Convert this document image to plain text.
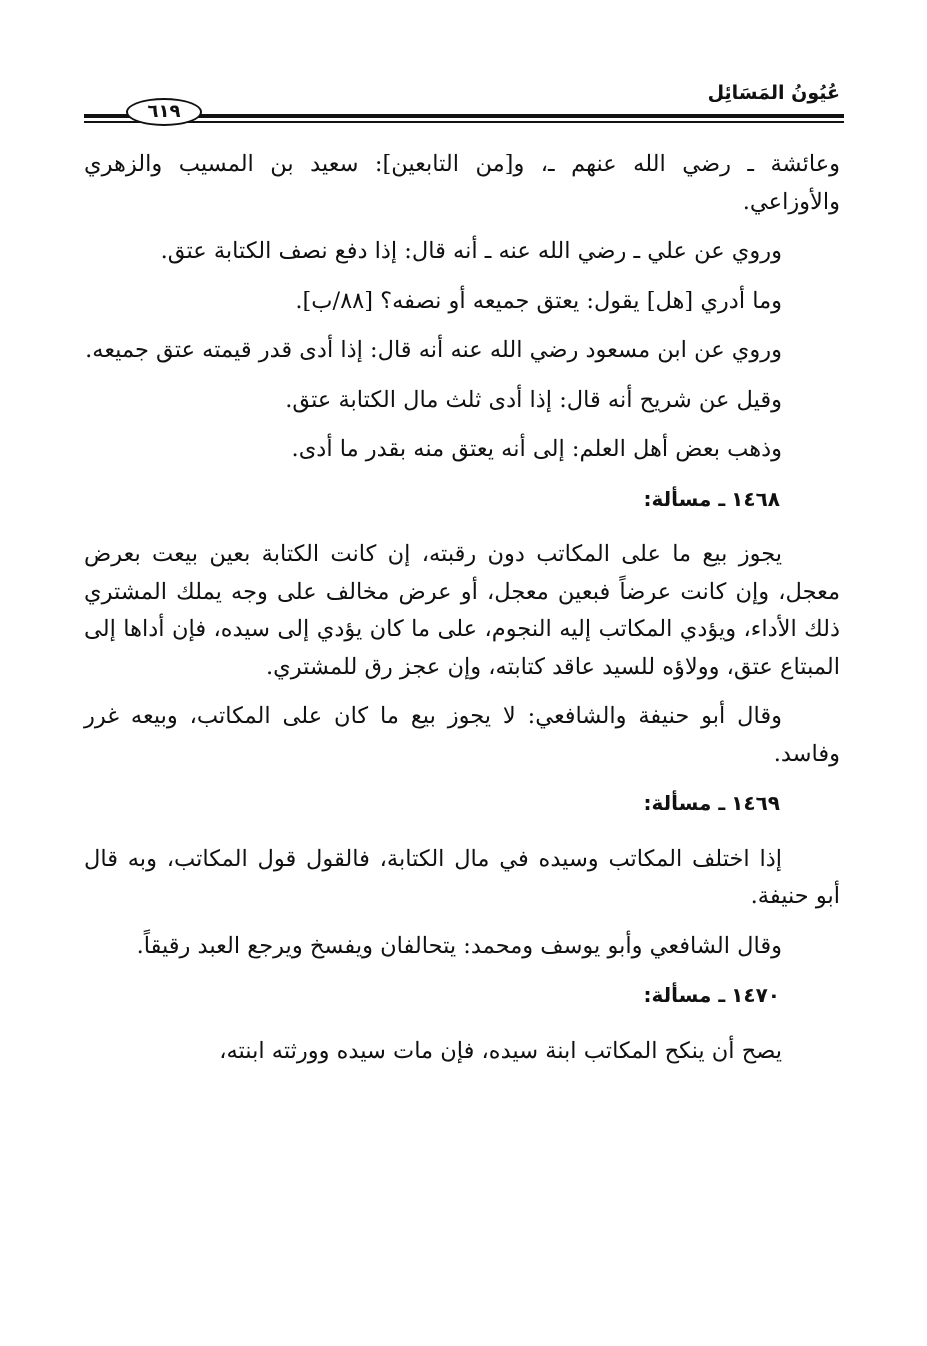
عُيُونُ المَسَائِل
٦١٩

وعائشة ـ رضي الله عنهم ـ، و[من التابعين]: سعيد بن المسيب والزهري والأوزاعي.

وروي عن علي ـ رضي الله عنه ـ أنه قال: إذا دفع نصف الكتابة عتق.

وما أدري [هل] يقول: يعتق جميعه أو نصفه؟ [٨٨/ب].

وروي عن ابن مسعود رضي الله عنه أنه قال: إذا أدى قدر قيمته عتق جميعه.

وقيل عن شريح أنه قال: إذا أدى ثلث مال الكتابة عتق.

وذهب بعض أهل العلم: إلى أنه يعتق منه بقدر ما أدى.

١٤٦٨ـ مسألة:

يجوز بيع ما على المكاتب دون رقبته، إن كانت الكتابة بعين بيعت بعرض معجل، وإن كانت عرضاً فبعين معجل، أو عرض مخالف على وجه يملك المشتري ذلك الأداء، ويؤدي المكاتب إليه النجوم، على ما كان يؤدي إلى سيده، فإن أداها إلى المبتاع عتق، وولاؤه للسيد عاقد كتابته، وإن عجز رق للمشتري.

وقال أبو حنيفة والشافعي: لا يجوز بيع ما كان على المكاتب، وبيعه غرر وفاسد.

١٤٦٩ـ مسألة:

إذا اختلف المكاتب وسيده في مال الكتابة، فالقول قول المكاتب، وبه قال أبو حنيفة.

وقال الشافعي وأبو يوسف ومحمد: يتحالفان ويفسخ ويرجع العبد رقيقاً.

١٤٧٠ـ مسألة:

يصح أن ينكح المكاتب ابنة سيده، فإن مات سيده وورثته ابنته،
